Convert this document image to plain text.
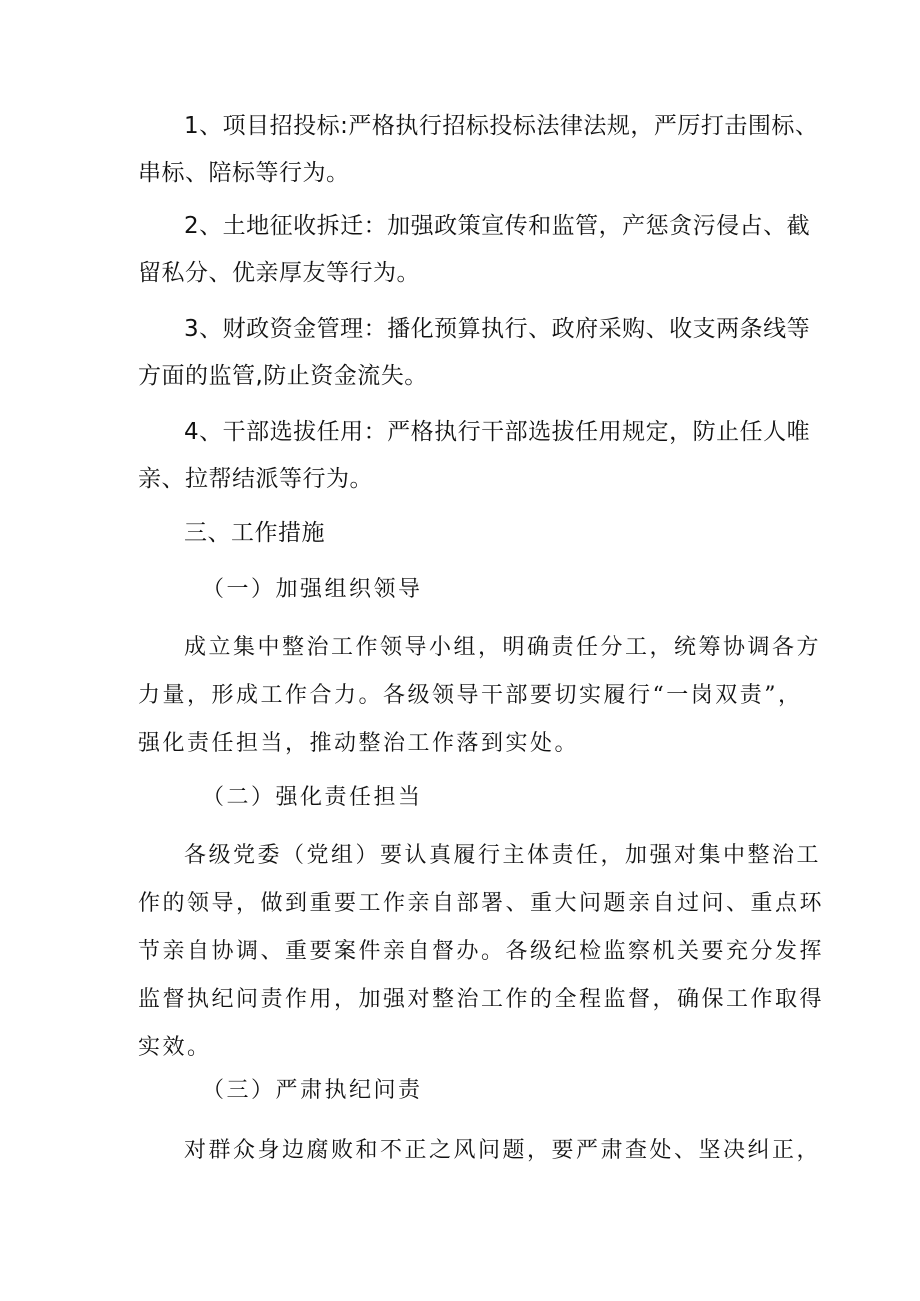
1、项目招投标:严格执行招标投标法律法规，严厉打击围标、
串标、陪标等行为。
2、土地征收拆迁：加强政策宣传和监管，产惩贪污侵占、截
留私分、优亲厚友等行为。
3、财政资金管理：播化预算执行、政府采购、收支两条线等
方面的监管,防止资金流失。
4、干部选拔任用：严格执行干部选拔任用规定，防止任人唯
亲、拉帮结派等行为。
三、工作措施
（一）加强组织领导
成立集中整治工作领导小组，明确责任分工，统筹协调各方
力量，形成工作合力。各级领导干部要切实履行“一岗双责”，
强化责任担当，推动整治工作落到实处。
（二）强化责任担当
各级党委（党组）要认真履行主体责任，加强对集中整治工
作的领导，做到重要工作亲自部署、重大问题亲自过问、重点环
节亲自协调、重要案件亲自督办。各级纪检监察机关要充分发挥
监督执纪问责作用，加强对整治工作的全程监督，确保工作取得
实效。
（三）严肃执纪问责
对群众身边腐败和不正之风问题，要严肃查处、坚决纠正，
